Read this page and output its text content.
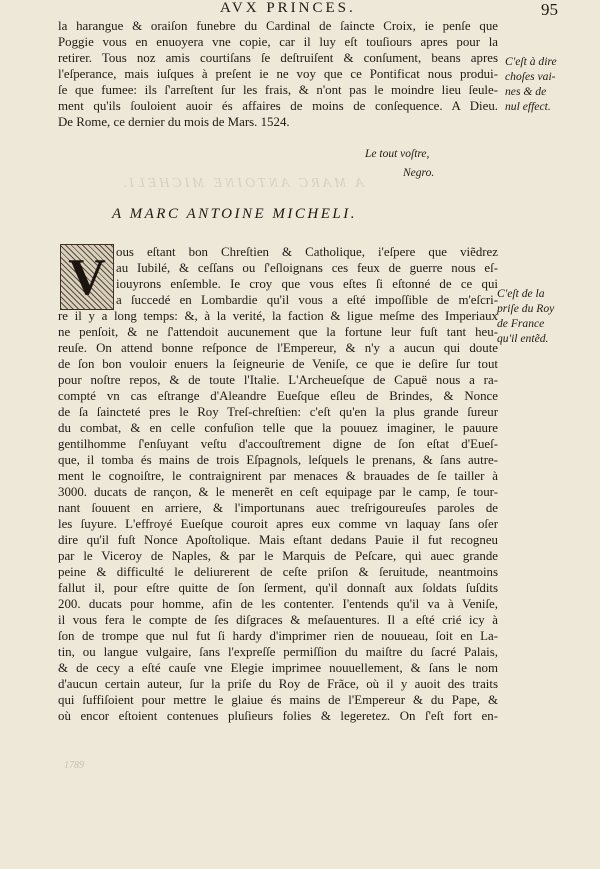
AVX PRINCES.	95
la harangue & oraiſon funebre du Cardinal de ſaincte Croix, ie penſe que
Poggie vous en enuoyera vne copie, car il luy eſt touſiours apres pour la
retirer. Tous noz amis courtiſans ſe deſtruiſent & conſument, beans apres
l'eſperance, mais iuſques à preſent ie ne voy que ce Pontificat nous produi-
ſe que fumee: ils ſ'arreſtent ſur les frais, & n'ont pas le moindre lieu ſeule-
ment qu'ils ſouloient auoir és affaires de moins de conſequence. A Dieu.
De Rome, ce dernier du mois de Mars. 1524.
C'eſt à dire
choſes vai-
nes & de
nul effect.
Le tout voſtre,
Negro.
A MARC ANTOINE MICHELI.
A MARC ANTOINE MICHELI.
V ous eſtant bon Chreſtien & Catholique, i'eſpere que viẽdrez
au Iubilé, & ceſſans ou ſ'eſloignans ces feux de guerre nous eſ-
iouyrons enſemble. Ie croy que vous eſtes ſi eſtonné de ce qui
a ſuccedé en Lombardie qu'il vous a eſté impoſſible de m'eſcri-
re il y a long temps: &, à la verité, la faction & ligue meſme des Imperiaux
ne penſoit, & ne ſ'attendoit aucunement que la fortune leur fuſt tant heu-
reuſe. On attend bonne reſponce de l'Empereur, & n'y a aucun qui doute
de ſon bon vouloir enuers la ſeigneurie de Veniſe, ce que ie deſire ſur tout
pour noſtre repos, & de toute l'Italie. L'Archeueſque de Capuë nous a ra-
compté vn cas eſtrange d'Aleandre Eueſque eſleu de Brindes, & Nonce
de ſa ſaincteté pres le Roy Treſ-chreſtien: c'eſt qu'en la plus grande ſureur
du combat, & en celle confuſion telle que la pouuez imaginer, le pauure
gentilhomme ſ'enſuyant veſtu d'accouſtrement digne de ſon eſtat d'Eueſ-
que, il tomba és mains de trois Eſpagnols, leſquels le prenans, & ſans autre-
ment le cognoiſtre, le contraignirent par menaces & brauades de ſe tailler à
3000. ducats de rançon, & le menerẽt en ceſt equipage par le camp, ſe tour-
nant ſouuent en arriere, & l'importunans auec treſrigoureuſes paroles de
les ſuyure. L'effroyé Eueſque couroit apres eux comme vn laquay ſans oſer
dire qu'il fuſt Nonce Apoſtolique. Mais eſtant dedans Pauie il fut recogneu
par le Viceroy de Naples, & par le Marquis de Peſcare, qui auec grande
peine & difficulté le deliurerent de ceſte priſon & ſeruitude, neantmoins
fallut il, pour eſtre quitte de ſon ſerment, qu'il donnaſt aux ſoldats ſuſdits
200. ducats pour homme, afin de les contenter. I'entends qu'il va à Veniſe,
il vous fera le compte de ſes diſgraces & meſauentures. Il a eſté crié icy à
ſon de trompe que nul fut ſi hardy d'imprimer rien de nouueau, ſoit en La-
tin, ou langue vulgaire, ſans l'expreſſe permiſſion du maiſtre du ſacré Palais,
& de cecy a eſté cauſe vne Elegie imprimee nouuellement, & ſans le nom
d'aucun certain auteur, ſur la priſe du Roy de Frãce, où il y auoit des traits
qui ſuffiſoient pour mettre le glaiue és mains de l'Empereur & du Pape, &
où encor eſtoient contenues pluſieurs folies & legeretez. On ſ'eſt fort en-
C'eſt de la
priſe du Roy
de France
qu'il entẽd.
1789
